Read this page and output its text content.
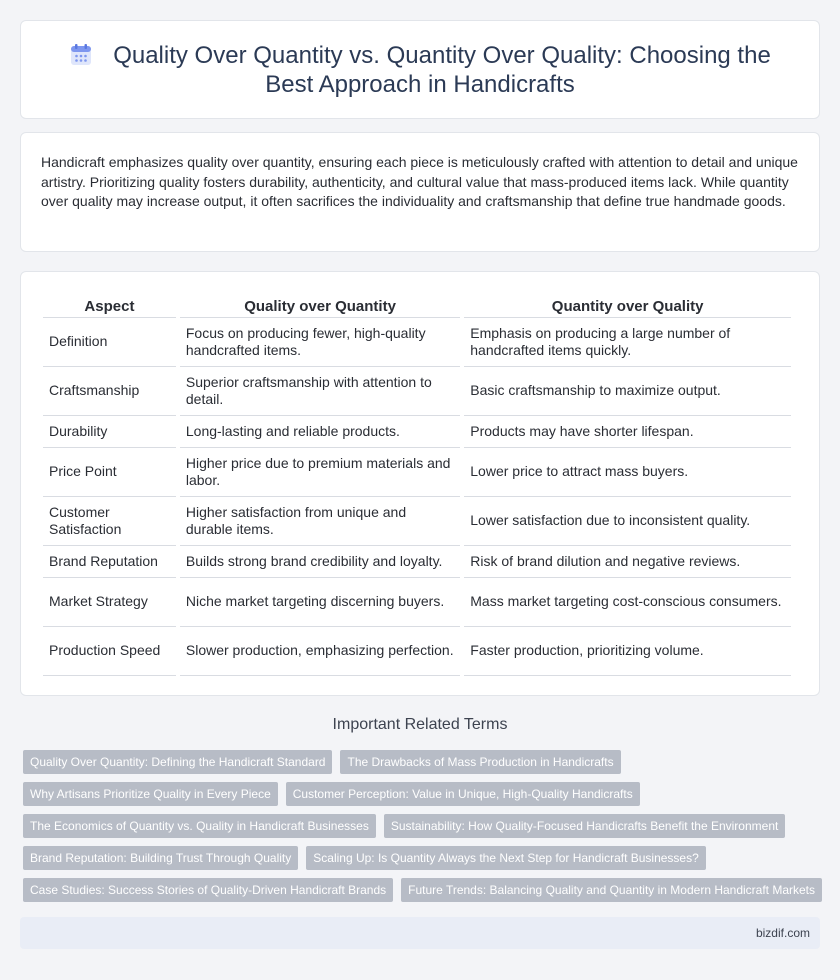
Quality Over Quantity vs. Quantity Over Quality: Choosing the Best Approach in Handicrafts

Handicraft emphasizes quality over quantity, ensuring each piece is meticulously crafted with attention to detail and unique artistry. Prioritizing quality fosters durability, authenticity, and cultural value that mass-produced items lack. While quantity over quality may increase output, it often sacrifices the individuality and craftsmanship that define true handmade goods.

Aspect	Quality over Quantity	Quantity over Quality
Definition	Focus on producing fewer, high-quality handcrafted items.	Emphasis on producing a large number of handcrafted items quickly.
Craftsmanship	Superior craftsmanship with attention to detail.	Basic craftsmanship to maximize output.
Durability	Long-lasting and reliable products.	Products may have shorter lifespan.
Price Point	Higher price due to premium materials and labor.	Lower price to attract mass buyers.
Customer Satisfaction	Higher satisfaction from unique and durable items.	Lower satisfaction due to inconsistent quality.
Brand Reputation	Builds strong brand credibility and loyalty.	Risk of brand dilution and negative reviews.
Market Strategy	Niche market targeting discerning buyers.	Mass market targeting cost-conscious consumers.
Production Speed	Slower production, emphasizing perfection.	Faster production, prioritizing volume.
Important Related Terms
Quality Over Quantity: Defining the Handicraft Standard	The Drawbacks of Mass Production in Handicrafts
Why Artisans Prioritize Quality in Every Piece	Customer Perception: Value in Unique, High-Quality Handicrafts
The Economics of Quantity vs. Quality in Handicraft Businesses	Sustainability: How Quality-Focused Handicrafts Benefit the Environment
Brand Reputation: Building Trust Through Quality	Scaling Up: Is Quantity Always the Next Step for Handicraft Businesses?
Case Studies: Success Stories of Quality-Driven Handicraft Brands	Future Trends: Balancing Quality and Quantity in Modern Handicraft Markets
bizdif.com
